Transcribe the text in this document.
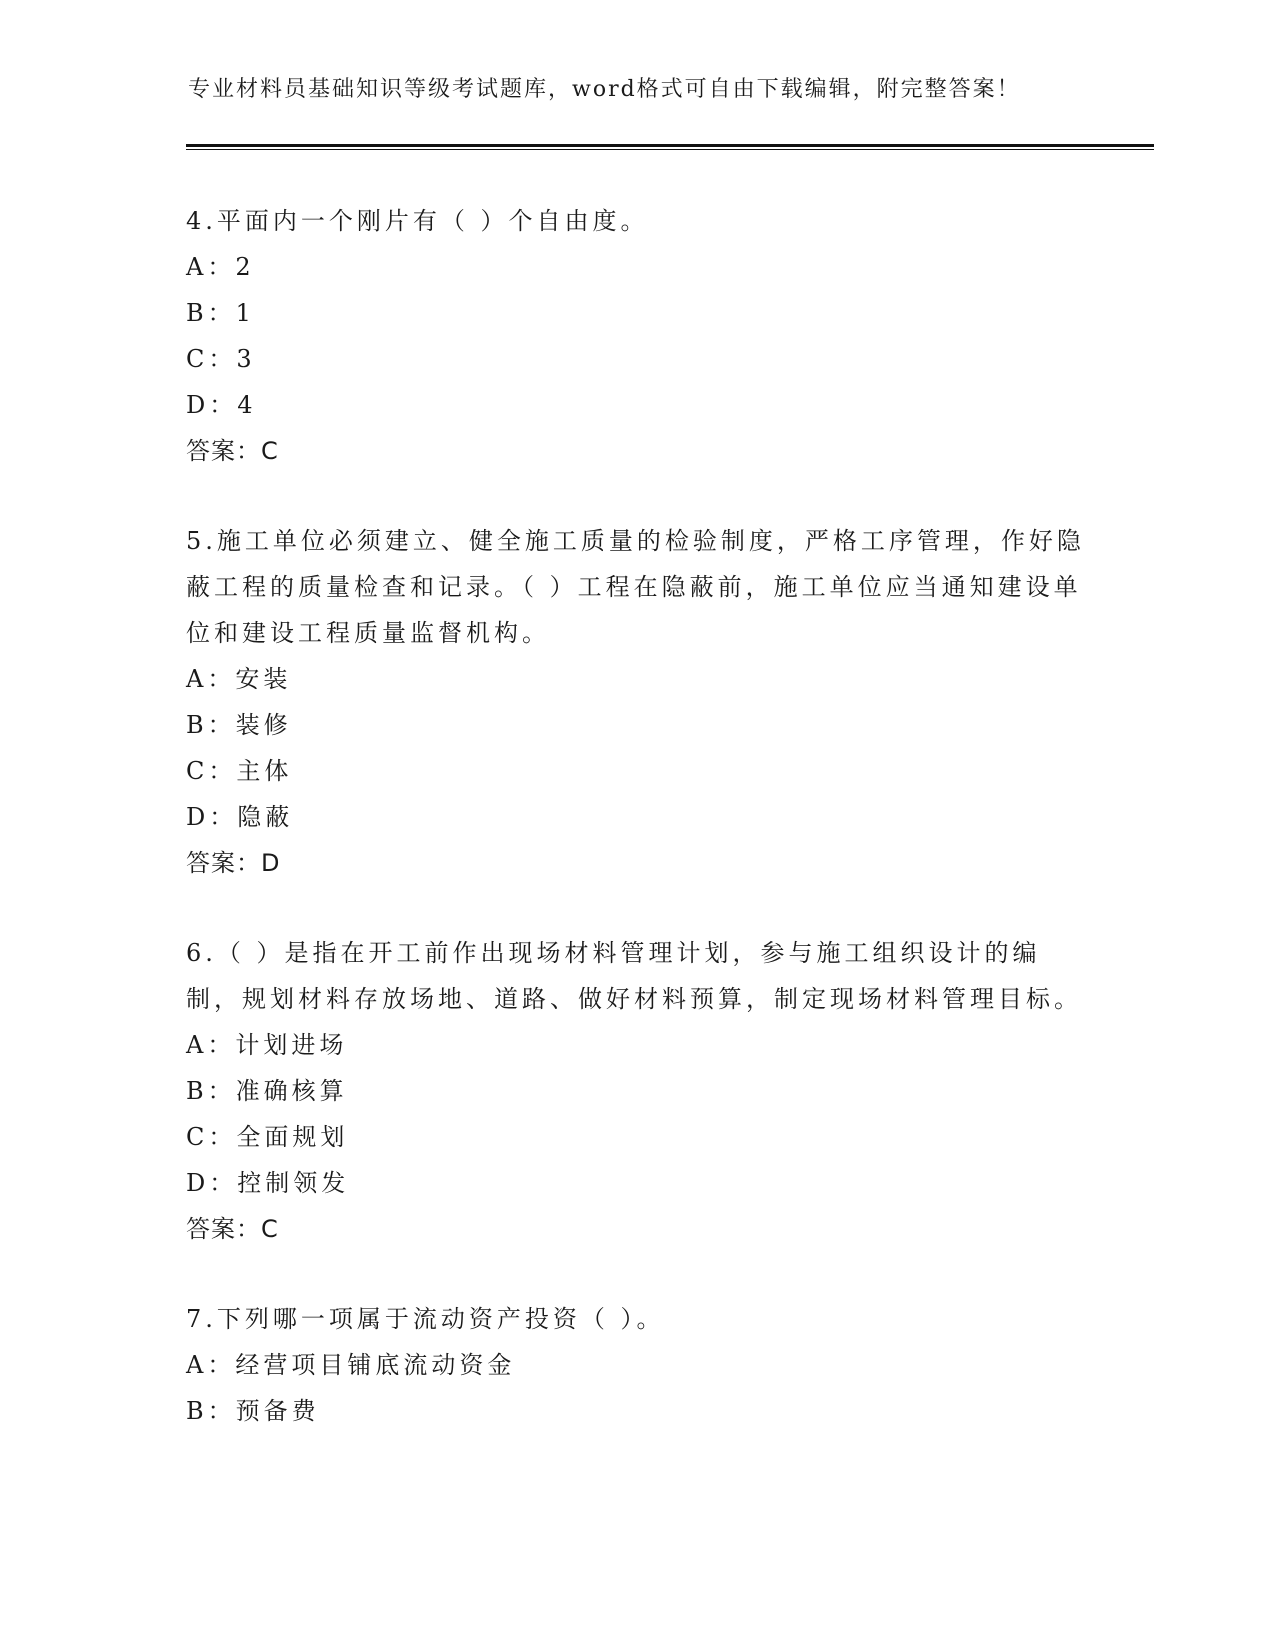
专业材料员基础知识等级考试题库，word格式可自由下载编辑，附完整答案！
4.平面内一个刚片有（ ）个自由度。
A：2
B：1
C：3
D：4
答案：C
5.施工单位必须建立、健全施工质量的检验制度，严格工序管理，作好隐蔽工程的质量检查和记录。（ ）工程在隐蔽前，施工单位应当通知建设单位和建设工程质量监督机构。
A：安装
B：装修
C：主体
D：隐蔽
答案：D
6.（ ）是指在开工前作出现场材料管理计划，参与施工组织设计的编制，规划材料存放场地、道路、做好材料预算，制定现场材料管理目标。
A：计划进场
B：准确核算
C：全面规划
D：控制领发
答案：C
7.下列哪一项属于流动资产投资（ ）。
A：经营项目铺底流动资金
B：预备费
